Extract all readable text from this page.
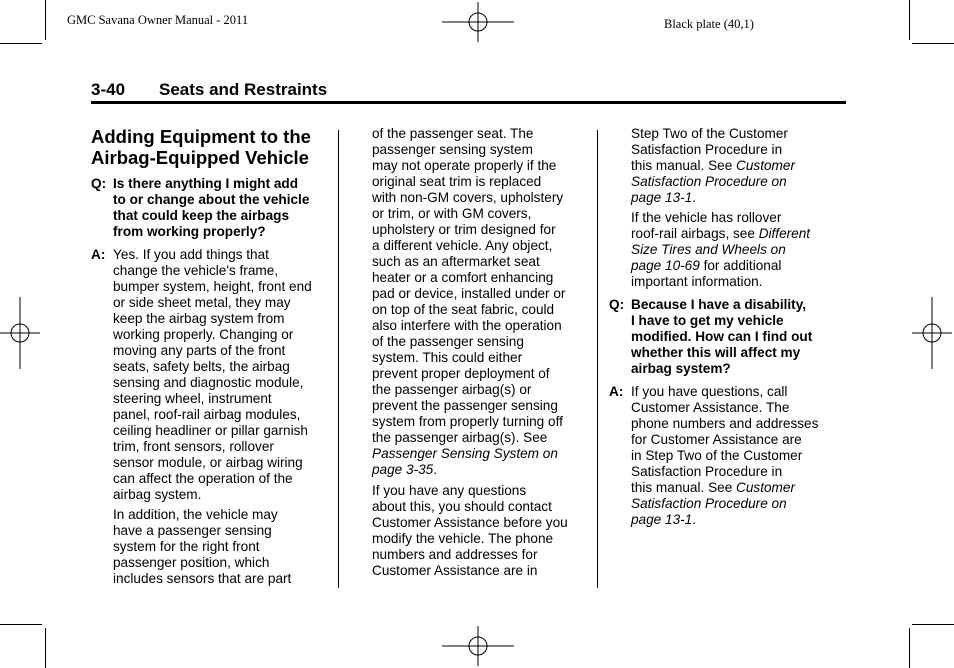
GMC Savana Owner Manual - 2011	Black plate (40,1)
3-40 Seats and Restraints
Adding Equipment to the
Airbag-Equipped Vehicle
Q: Is there anything I might add
to or change about the vehicle
that could keep the airbags
from working properly?
A: Yes. If you add things that
change the vehicle's frame,
bumper system, height, front end
or side sheet metal, they may
keep the airbag system from
working properly. Changing or
moving any parts of the front
seats, safety belts, the airbag
sensing and diagnostic module,
steering wheel, instrument
panel, roof-rail airbag modules,
ceiling headliner or pillar garnish
trim, front sensors, rollover
sensor module, or airbag wiring
can affect the operation of the
airbag system.

In addition, the vehicle may
have a passenger sensing
system for the right front
passenger position, which
includes sensors that are part

of the passenger seat. The
passenger sensing system
may not operate properly if the
original seat trim is replaced
with non-GM covers, upholstery
or trim, or with GM covers,
upholstery or trim designed for
a different vehicle. Any object,
such as an aftermarket seat
heater or a comfort enhancing
pad or device, installed under or
on top of the seat fabric, could
also interfere with the operation
of the passenger sensing
system. This could either
prevent proper deployment of
the passenger airbag(s) or
prevent the passenger sensing
system from properly turning off
the passenger airbag(s). See
Passenger Sensing System on
page 3-35.

If you have any questions
about this, you should contact
Customer Assistance before you
modify the vehicle. The phone
numbers and addresses for
Customer Assistance are in

Step Two of the Customer
Satisfaction Procedure in
this manual. See Customer
Satisfaction Procedure on
page 13-1.

If the vehicle has rollover
roof-rail airbags, see Different
Size Tires and Wheels on
page 10-69 for additional
important information.

Q: Because I have a disability,
I have to get my vehicle
modified. How can I find out
whether this will affect my
airbag system?
A: If you have questions, call
Customer Assistance. The
phone numbers and addresses
for Customer Assistance are
in Step Two of the Customer
Satisfaction Procedure in
this manual. See Customer
Satisfaction Procedure on
page 13-1.
